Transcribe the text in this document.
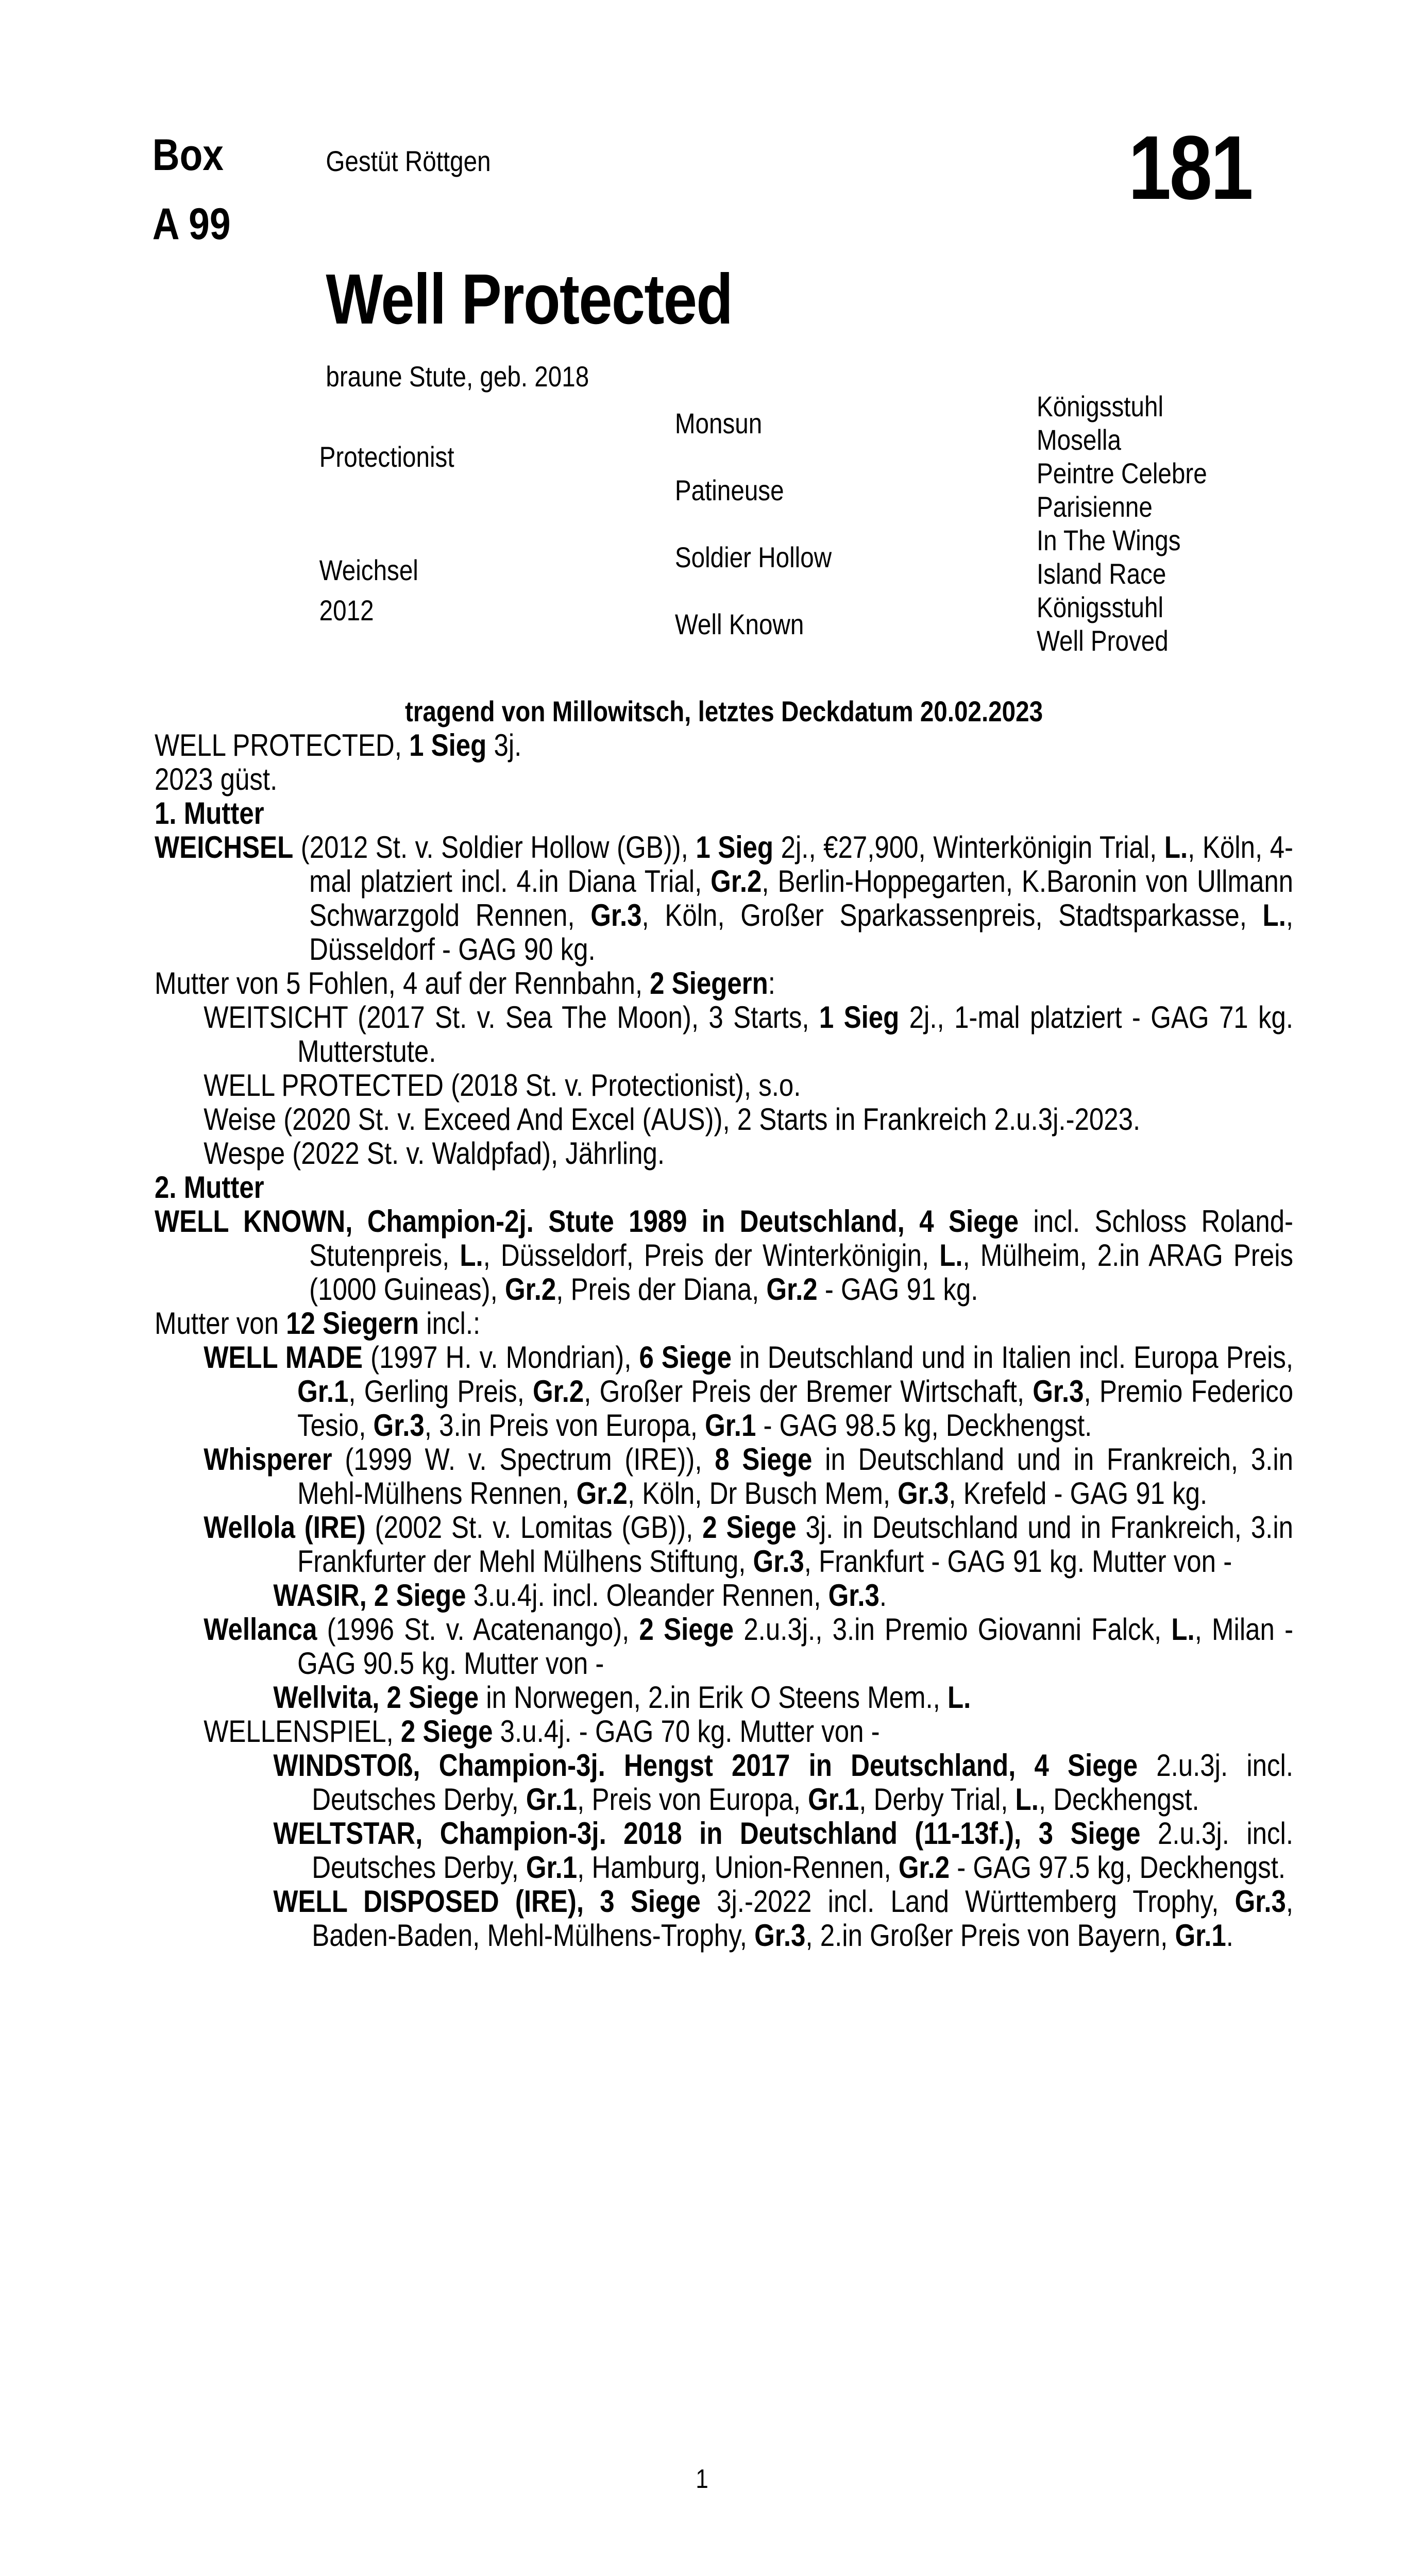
Box
A 99
Gestüt Röttgen	181
Well Protected
braune Stute, geb. 2018
Protectionist
Weichsel
2012
Monsun
Patineuse
Soldier Hollow
Well Known
Königsstuhl
Mosella
Peintre Celebre
Parisienne
In The Wings
Island Race
Königsstuhl
Well Proved

tragend von Millowitsch, letztes Deckdatum 20.02.2023

WELL PROTECTED, 1 Sieg 3j.

2023 güst.

1. Mutter

WEICHSEL (2012 St. v. Soldier Hollow (GB)), 1 Sieg 2j., €27,900, Winterkönigin Trial, L., Köln, 4-mal platziert incl. 4.in Diana Trial, Gr.2, Berlin-Hoppegarten, K.Baronin von Ullmann Schwarzgold Rennen, Gr.3, Köln, Großer Sparkassenpreis, Stadtsparkasse, L., Düsseldorf - GAG 90 kg.

Mutter von 5 Fohlen, 4 auf der Rennbahn, 2 Siegern:

WEITSICHT (2017 St. v. Sea The Moon), 3 Starts, 1 Sieg 2j., 1-mal platziert - GAG 71 kg. Mutterstute.

WELL PROTECTED (2018 St. v. Protectionist), s.o.

Weise (2020 St. v. Exceed And Excel (AUS)), 2 Starts in Frankreich 2.u.3j.-2023.

Wespe (2022 St. v. Waldpfad), Jährling.

2. Mutter

WELL KNOWN, Champion-2j. Stute 1989 in Deutschland, 4 Siege incl. Schloss Roland-Stutenpreis, L., Düsseldorf, Preis der Winterkönigin, L., Mülheim, 2.in ARAG Preis (1000 Guineas), Gr.2, Preis der Diana, Gr.2 - GAG 91 kg.

Mutter von 12 Siegern incl.:

WELL MADE (1997 H. v. Mondrian), 6 Siege in Deutschland und in Italien incl. Europa Preis, Gr.1, Gerling Preis, Gr.2, Großer Preis der Bremer Wirtschaft, Gr.3, Premio Federico Tesio, Gr.3, 3.in Preis von Europa, Gr.1 - GAG 98.5 kg, Deckhengst.

Whisperer (1999 W. v. Spectrum (IRE)), 8 Siege in Deutschland und in Frankreich, 3.in Mehl-Mülhens Rennen, Gr.2, Köln, Dr Busch Mem, Gr.3, Krefeld - GAG 91 kg.

Wellola (IRE) (2002 St. v. Lomitas (GB)), 2 Siege 3j. in Deutschland und in Frankreich, 3.in Frankfurter der Mehl Mülhens Stiftung, Gr.3, Frankfurt - GAG 91 kg. Mutter von -

WASIR, 2 Siege 3.u.4j. incl. Oleander Rennen, Gr.3.

Wellanca (1996 St. v. Acatenango), 2 Siege 2.u.3j., 3.in Premio Giovanni Falck, L., Milan - GAG 90.5 kg. Mutter von -

Wellvita, 2 Siege in Norwegen, 2.in Erik O Steens Mem., L.

WELLENSPIEL, 2 Siege 3.u.4j. - GAG 70 kg. Mutter von -

WINDSTOß, Champion-3j. Hengst 2017 in Deutschland, 4 Siege 2.u.3j. incl. Deutsches Derby, Gr.1, Preis von Europa, Gr.1, Derby Trial, L., Deckhengst.

WELTSTAR, Champion-3j. 2018 in Deutschland (11-13f.), 3 Siege 2.u.3j. incl. Deutsches Derby, Gr.1, Hamburg, Union-Rennen, Gr.2 - GAG 97.5 kg, Deckhengst.

WELL DISPOSED (IRE), 3 Siege 3j.-2022 incl. Land Württemberg Trophy, Gr.3, Baden-Baden, Mehl-Mülhens-Trophy, Gr.3, 2.in Großer Preis von Bayern, Gr.1.

1
